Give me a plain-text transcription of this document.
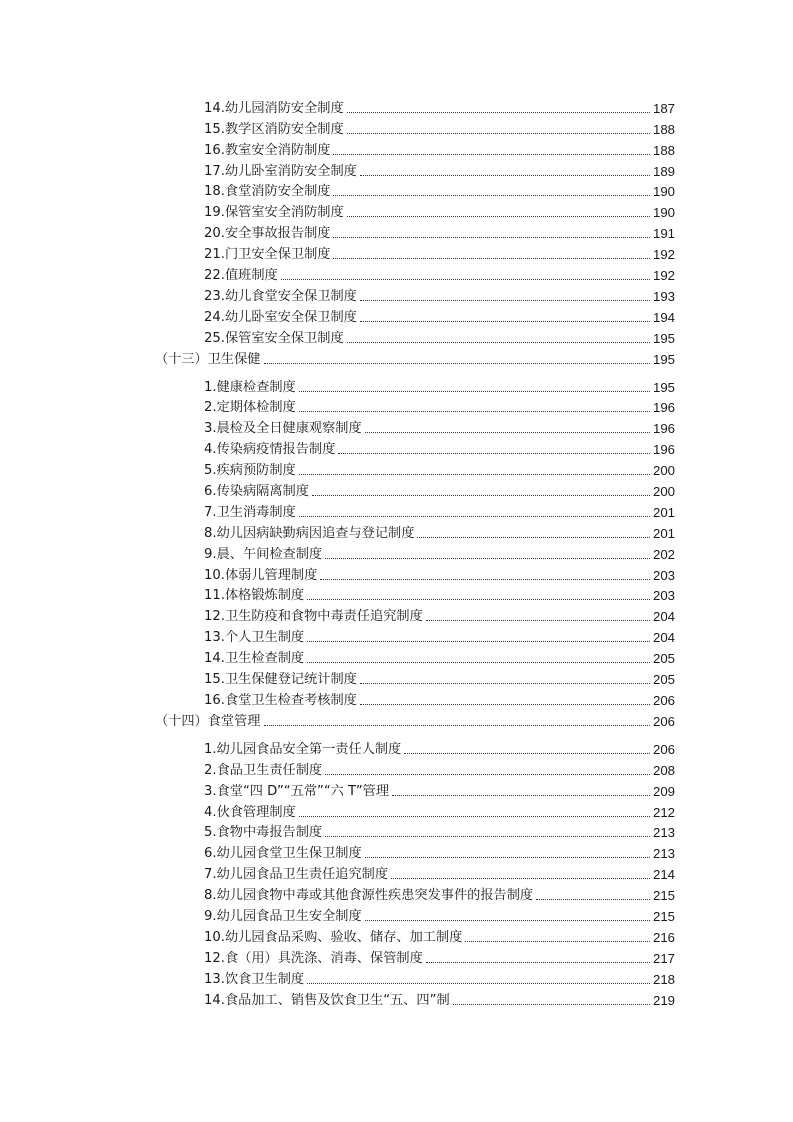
14.幼儿园消防安全制度	187
15.教学区消防安全制度	188
16.教室安全消防制度	188
17.幼儿卧室消防安全制度	189
18.食堂消防安全制度	190
19.保管室安全消防制度	190
20.安全事故报告制度	191
21.门卫安全保卫制度	192
22.值班制度	192
23.幼儿食堂安全保卫制度	193
24.幼儿卧室安全保卫制度	194
25.保管室安全保卫制度	195
（十三）卫生保健	195
1.健康检查制度	195
2.定期体检制度	196
3.晨检及全日健康观察制度	196
4.传染病疫情报告制度	196
5.疾病预防制度	200
6.传染病隔离制度	200
7.卫生消毒制度	201
8.幼儿因病缺勤病因追查与登记制度	201
9.晨、午间检查制度	202
10.体弱儿管理制度	203
11.体格锻炼制度	203
12.卫生防疫和食物中毒责任追究制度	204
13.个人卫生制度	204
14.卫生检查制度	205
15.卫生保健登记统计制度	205
16.食堂卫生检查考核制度	206
（十四）食堂管理	206
1.幼儿园食品安全第一责任人制度	206
2.食品卫生责任制度	208
3.食堂“四 D”“五常”“六 T”管理	209
4.伙食管理制度	212
5.食物中毒报告制度	213
6.幼儿园食堂卫生保卫制度	213
7.幼儿园食品卫生责任追究制度	214
8.幼儿园食物中毒或其他食源性疾患突发事件的报告制度	215
9.幼儿园食品卫生安全制度	215
10.幼儿园食品采购、验收、储存、加工制度	216
12.食（用）具洗涤、消毒、保管制度	217
13.饮食卫生制度	218
14.食品加工、销售及饮食卫生“五、四”制	219
